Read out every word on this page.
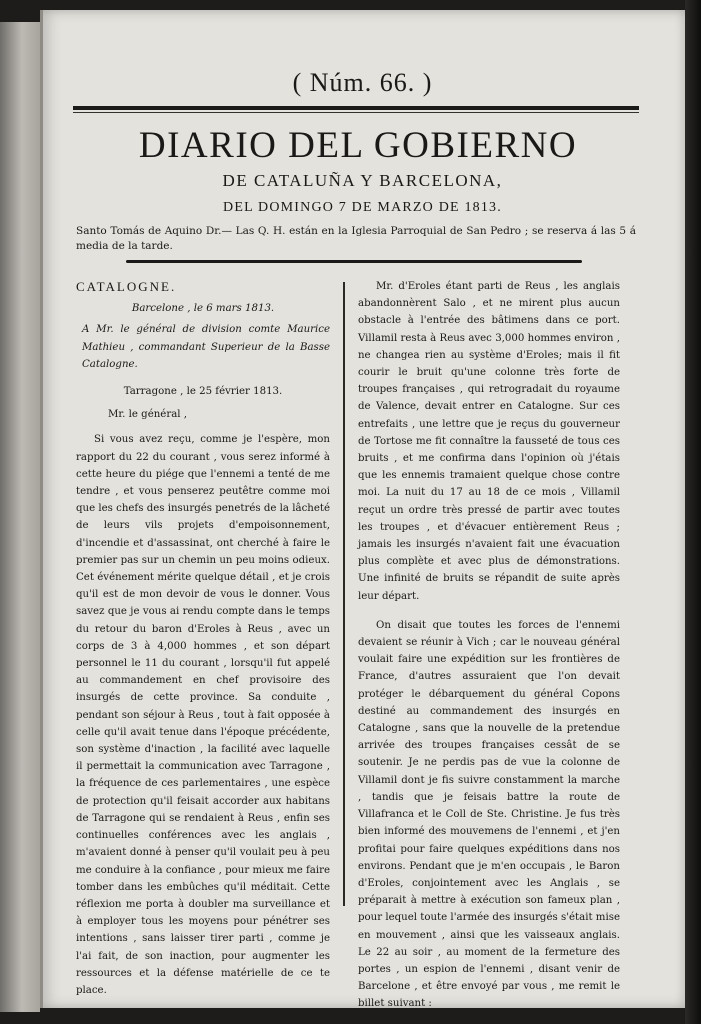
( Núm. 66. )
DIARIO DEL GOBIERNO
DE CATALUÑA Y BARCELONA,
DEL DOMINGO 7 DE MARZO DE 1813.
Santo Tomás de Aquino Dr.— Las Q. H. están en la Iglesia Parroquial de San Pedro ; se reserva á las 5 á media de la tarde.

CATALOGNE.

Barcelone , le 6 mars 1813.

A Mr. le général de division comte Maurice Mathieu , commandant Superieur de la Basse Catalogne.

Tarragone , le 25 février 1813.

Mr. le général ,

Si vous avez reçu, comme je l'espère, mon rapport du 22 du courant , vous serez informé à cette heure du piége que l'ennemi a tenté de me tendre , et vous penserez peutêtre comme moi que les chefs des insurgés penetrés de la lâcheté de leurs vils projets d'empoisonnement, d'incendie et d'assassinat, ont cherché à faire le premier pas sur un chemin un peu moins odieux. Cet événement mérite quelque détail , et je crois qu'il est de mon devoir de vous le donner. Vous savez que je vous ai rendu compte dans le temps du retour du baron d'Eroles à Reus , avec un corps de 3 à 4,000 hommes , et son départ personnel le 11 du courant , lorsqu'il fut appelé au commandement en chef provisoire des insurgés de cette province. Sa conduite , pendant son séjour à Reus , tout à fait opposée à celle qu'il avait tenue dans l'époque précédente, son système d'inaction , la facilité avec laquelle il permettait la communication avec Tarragone , la fréquence de ces parlementaires , une espèce de protection qu'il feisait accorder aux habitans de Tarragone qui se rendaient à Reus , enfin ses continuelles conférences avec les anglais , m'avaient donné à penser qu'il voulait peu à peu me conduire à la confiance , pour mieux me faire tomber dans les embûches qu'il méditait. Cette réflexion me porta à doubler ma surveillance et à employer tous les moyens pour pénétrer ses intentions , sans laisser tirer parti , comme je l'ai fait, de son inaction, pour augmenter les ressources et la défense matérielle de ce te place.

Mr. d'Eroles étant parti de Reus , les anglais abandonnèrent Salo , et ne mirent plus aucun obstacle à l'entrée des bâtimens dans ce port. Villamil resta à Reus avec 3,000 hommes environ , ne changea rien au système d'Eroles; mais il fit courir le bruit qu'une colonne très forte de troupes françaises , qui retrogradait du royaume de Valence, devait entrer en Catalogne. Sur ces entrefaits , une lettre que je reçus du gouverneur de Tortose me fit connaître la fausseté de tous ces bruits , et me confirma dans l'opinion où j'étais que les ennemis tramaient quelque chose contre moi. La nuit du 17 au 18 de ce mois , Villamil reçut un ordre très pressé de partir avec toutes les troupes , et d'évacuer entièrement Reus ; jamais les insurgés n'avaient fait une évacuation plus complète et avec plus de démonstrations. Une infinité de bruits se répandit de suite après leur départ.

On disait que toutes les forces de l'ennemi devaient se réunir à Vich ; car le nouveau général voulait faire une expédition sur les frontières de France, d'autres assuraient que l'on devait protéger le débarquement du général Copons destiné au commandement des insurgés en Catalogne , sans que la nouvelle de la pretendue arrivée des troupes françaises cessât de se soutenir. Je ne perdis pas de vue la colonne de Villamil dont je fis suivre constamment la marche , tandis que je feisais battre la route de Villafranca et le Coll de Ste. Christine. Je fus très bien informé des mouvemens de l'ennemi , et j'en profitai pour faire quelques expéditions dans nos environs. Pendant que je m'en occupais , le Baron d'Eroles, conjointement avec les Anglais , se préparait à mettre à exécution son fameux plan , pour lequel toute l'armée des insurgés s'était mise en mouvement , ainsi que les vaisseaux anglais. Le 22 au soir , au moment de la fermeture des portes , un espion de l'ennemi , disant venir de Barcelone , et être envoyé par vous , me remit le billet suivant :
